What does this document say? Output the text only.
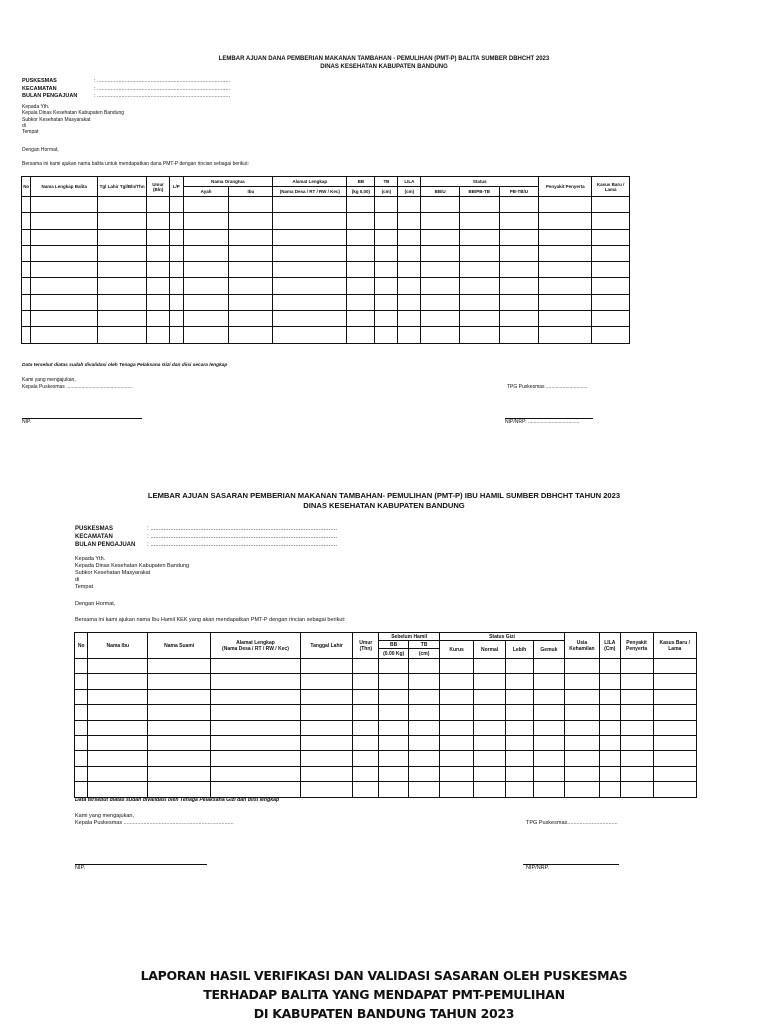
LEMBAR AJUAN DANA PEMBERIAN MAKANAN TAMBAHAN - PEMULIHAN (PMT-P) BALITA SUMBER DBHCHT 2023
DINAS KESEHATAN KABUPATEN BANDUNG
PUSKESMAS	: .......................................................................................
KECAMATAN	: .......................................................................................
BULAN PENGAJUAN	: .......................................................................................
Kepada Yth.
Kepala Dinas Kesehatan Kabupaten Bandung
Subkor Kesehatan Masyarakat
di
Tempat
Dengan Hormat,
Bersama ini kami ajukan nama balita untuk mendapatkan dana PMT-P dengan rincian sebagai berikut:
No	Nama Lengkap Balita	Tgl Lahir Tgl/Bln/Thn	Umur (Bln)	L/P	Nama Orangtua		Alamat Lengkap	BB	TB	LILA	Status			Penyakit Penyerta	Kasus Baru / Lama
					Ayah	Ibu	(Nama Desa / RT / RW / Kec)	(kg 0,00)	(cm)	(cm)	BB/U	BB/PB-TB	PB-TB/U		

Data tersebut diatas sudah divalidasi oleh Tenaga Pelaksana Gizi dan diisi secara lengkap
Kami yang mengajukan,
Kepala Puskesmas ................................................	TPG Puskesmas ..............................
NIP.	NIP/NRP: .....................................
LEMBAR AJUAN SASARAN PEMBERIAN MAKANAN TAMBAHAN- PEMULIHAN (PMT-P) IBU HAMIL SUMBER DBHCHT TAHUN 2023
DINAS KESEHATAN KABUPATEN BANDUNG
PUSKESMAS	: ................................................................................................................
KECAMATAN	: ................................................................................................................
BULAN PENGAJUAN	: ................................................................................................................
Kepada Yth.
Kepada Dinas Kesehatan Kabupaten Bandung
Subkor Kesehatan Masyarakat
di
Tempat
Dengan Hormat,
Bersama ini kami ajukan nama Ibu Hamil KEK yang akan mendapatkan PMT-P dengan rincian sebagai berikut:
No	Nama Ibu	Nama Suami	Alamat Lengkap
(Nama Desa / RT / RW / Kec)	Tanggal Lahir	Umur (Thn)	Sebelum Hamil		Status Gizi				Usia Kehamilan	LILA (Cm)	Penyakit Penyerta	Kasus Baru / Lama
						BB	TB	Kurus	Normal	Lebih	Gemuk				
						(0.00 Kg)	(cm)								

Data tersebut diatas sudah divalidasi oleh Tenaga Pelaksana Gizi dan diisi lengkap
Kami yang mengajukan,
Kepala Puskesmas ........................................................................	TPG Puskesmas.................................
NIP.	NIP/NRP.
LAPORAN HASIL VERIFIKASI DAN VALIDASI SASARAN OLEH PUSKESMAS
TERHADAP BALITA YANG MENDAPAT PMT-PEMULIHAN
DI KABUPATEN BANDUNG TAHUN 2023
